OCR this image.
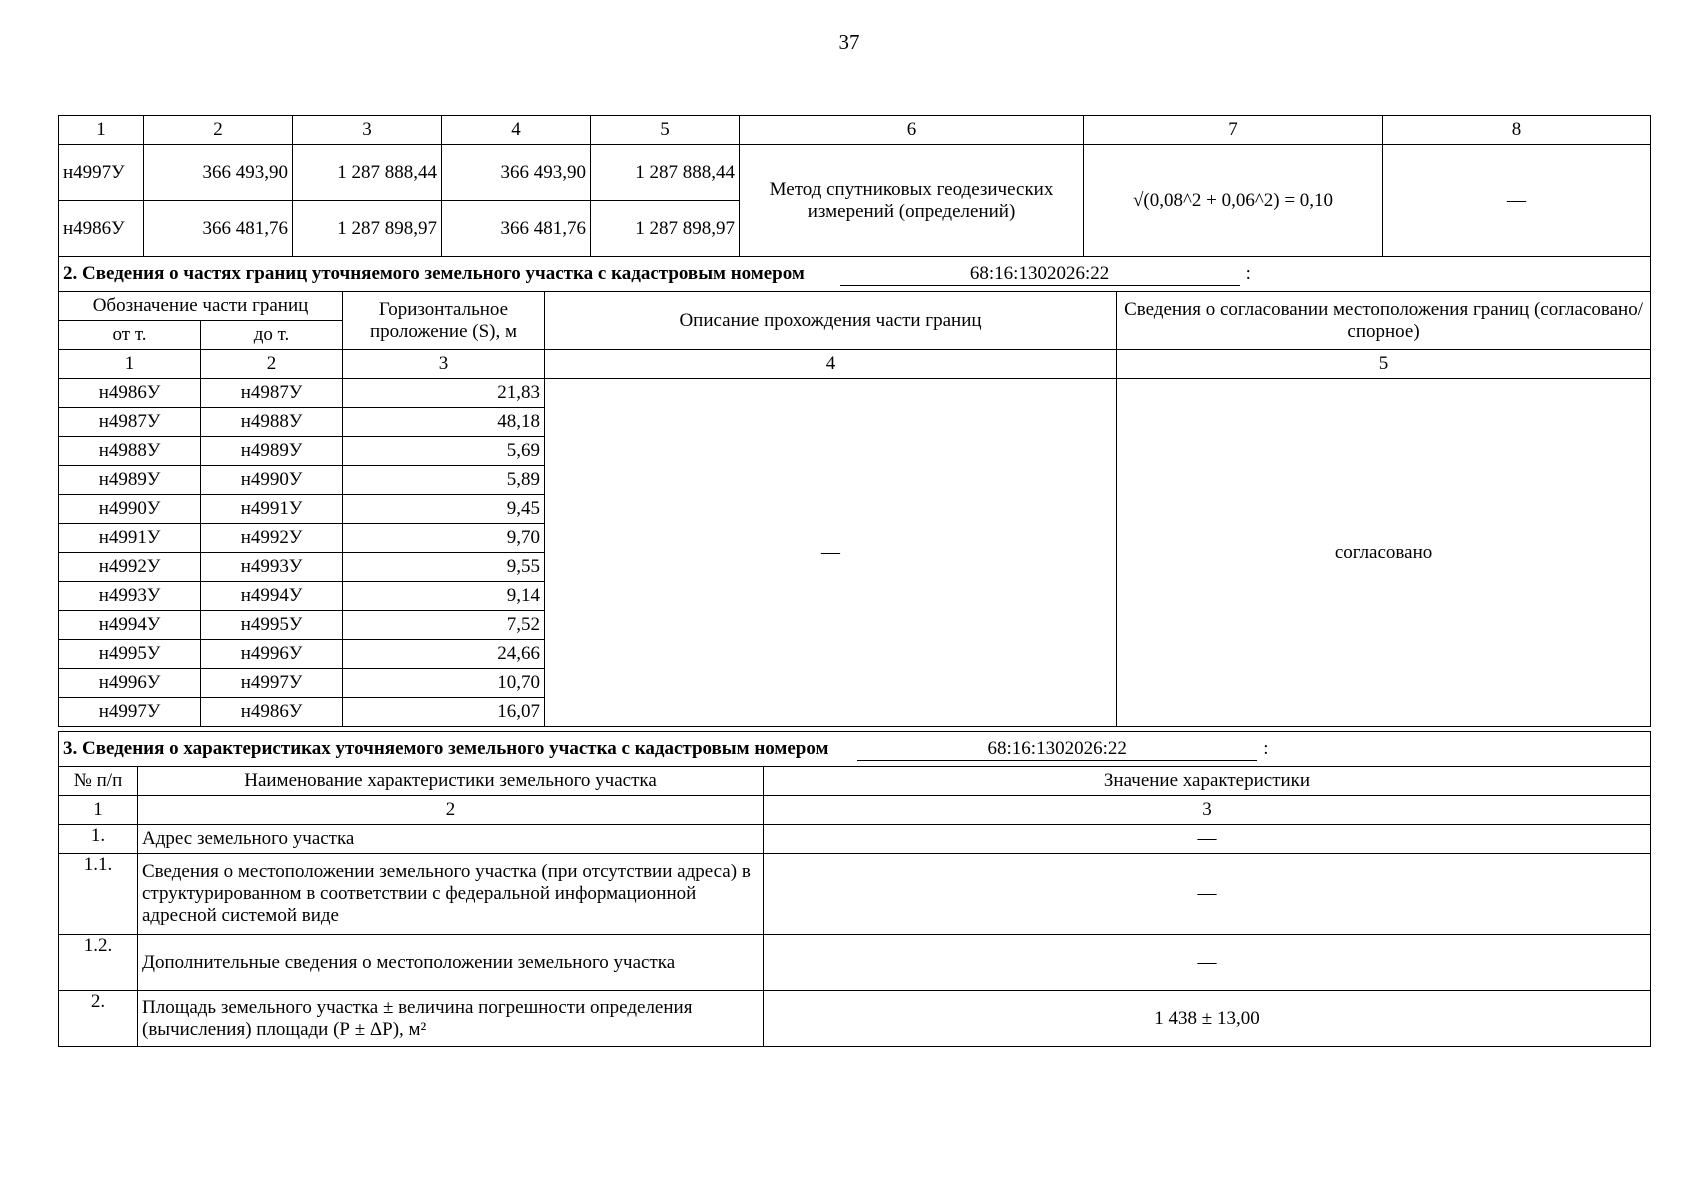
37
1	2	3	4	5	6	7	8
н4997У	366 493,90	1 287 888,44	366 493,90	1 287 888,44	Метод спутниковых геодезических измерений (определений)	√(0,08^2 + 0,06^2) = 0,10	—
н4986У	366 481,76	1 287 898,97	366 481,76	1 287 898,97			
2. Сведения о частях границ уточняемого земельного участка с кадастровым номером 68:16:1302026:22 :				
Обозначение части границ		Горизонтальное проложение (S), м	Описание прохождения части границ	Сведения о согласовании местоположения границ (согласовано/спорное)
от т.	до т.			
1	2	3	4	5
н4986У	н4987У	21,83	—	согласовано
н4987У	н4988У	48,18		
н4988У	н4989У	5,69		
н4989У	н4990У	5,89		
н4990У	н4991У	9,45		
н4991У	н4992У	9,70		
н4992У	н4993У	9,55		
н4993У	н4994У	9,14		
н4994У	н4995У	7,52		
н4995У	н4996У	24,66		
н4996У	н4997У	10,70		
н4997У	н4986У	16,07		
3. Сведения о характеристиках уточняемого земельного участка с кадастровым номером 68:16:1302026:22 :		
№ п/п	Наименование характеристики земельного участка	Значение характеристики
1	2	3
1.	Адрес земельного участка	—
1.1.	Сведения о местоположении земельного участка (при отсутствии адреса) в структурированном в соответствии с федеральной информационной адресной системой виде	—
1.2.	Дополнительные сведения о местоположении земельного участка	—
2.	Площадь земельного участка ± величина погрешности определения (вычисления) площади (Р ± ΔР), м²	1 438 ± 13,00
